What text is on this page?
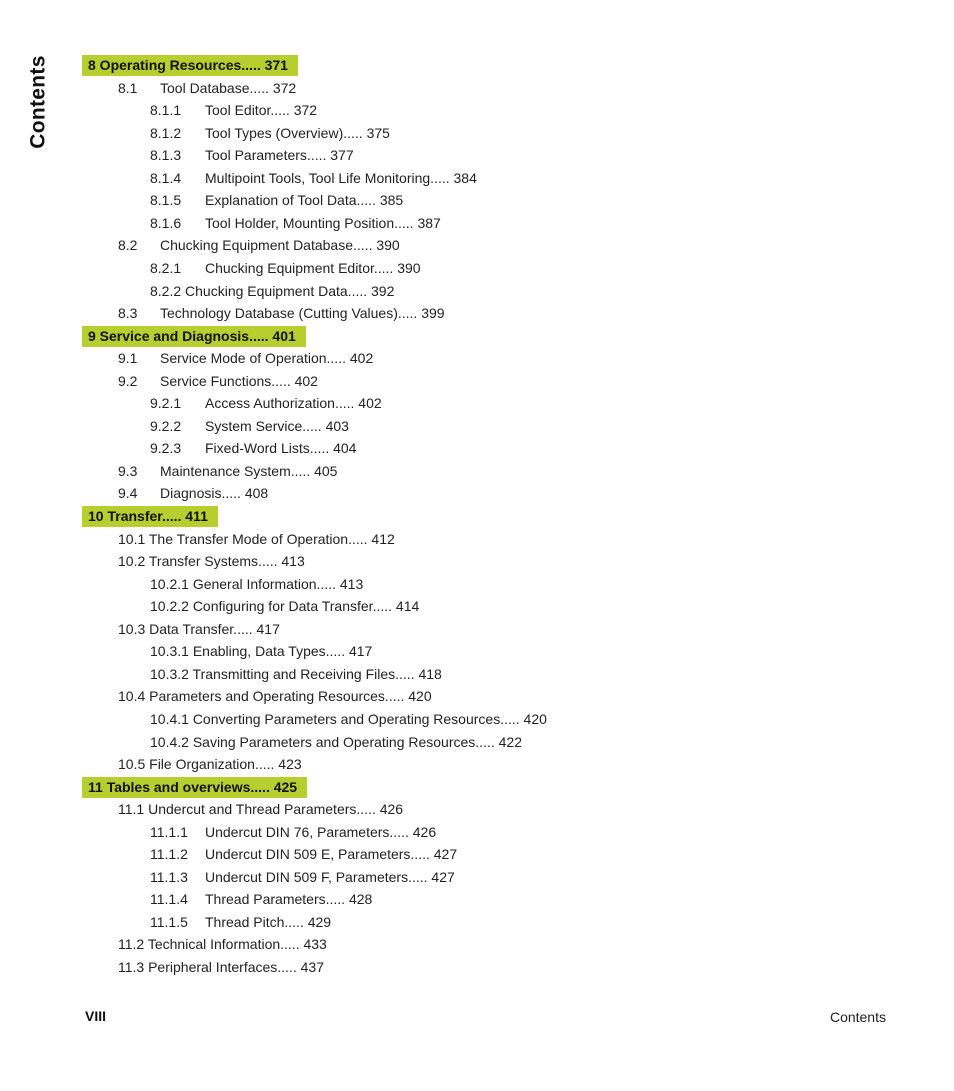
Contents	8 Operating Resources..... 371
8.1 Tool Database..... 372
8.1.1 Tool Editor..... 372
8.1.2 Tool Types (Overview)..... 375
8.1.3 Tool Parameters..... 377
8.1.4 Multipoint Tools, Tool Life Monitoring..... 384
8.1.5 Explanation of Tool Data..... 385
8.1.6 Tool Holder, Mounting Position..... 387
8.2 Chucking Equipment Database..... 390
8.2.1 Chucking Equipment Editor..... 390
8.2.2 Chucking Equipment Data..... 392
8.3 Technology Database (Cutting Values)..... 399
9 Service and Diagnosis..... 401
9.1 Service Mode of Operation..... 402
9.2 Service Functions..... 402
9.2.1 Access Authorization..... 402
9.2.2 System Service..... 403
9.2.3 Fixed-Word Lists..... 404
9.3 Maintenance System..... 405
9.4 Diagnosis..... 408
10 Transfer..... 411
10.1 The Transfer Mode of Operation..... 412
10.2 Transfer Systems..... 413
10.2.1 General Information..... 413
10.2.2 Configuring for Data Transfer..... 414
10.3 Data Transfer..... 417
10.3.1 Enabling, Data Types..... 417
10.3.2 Transmitting and Receiving Files..... 418
10.4 Parameters and Operating Resources..... 420
10.4.1 Converting Parameters and Operating Resources..... 420
10.4.2 Saving Parameters and Operating Resources..... 422
10.5 File Organization..... 423
11 Tables and overviews..... 425
11.1 Undercut and Thread Parameters..... 426
11.1.1 Undercut DIN 76, Parameters..... 426
11.1.2 Undercut DIN 509 E, Parameters..... 427
11.1.3 Undercut DIN 509 F, Parameters..... 427
11.1.4 Thread Parameters..... 428
11.1.5 Thread Pitch..... 429
11.2 Technical Information..... 433
11.3 Peripheral Interfaces..... 437
VIII	Contents
